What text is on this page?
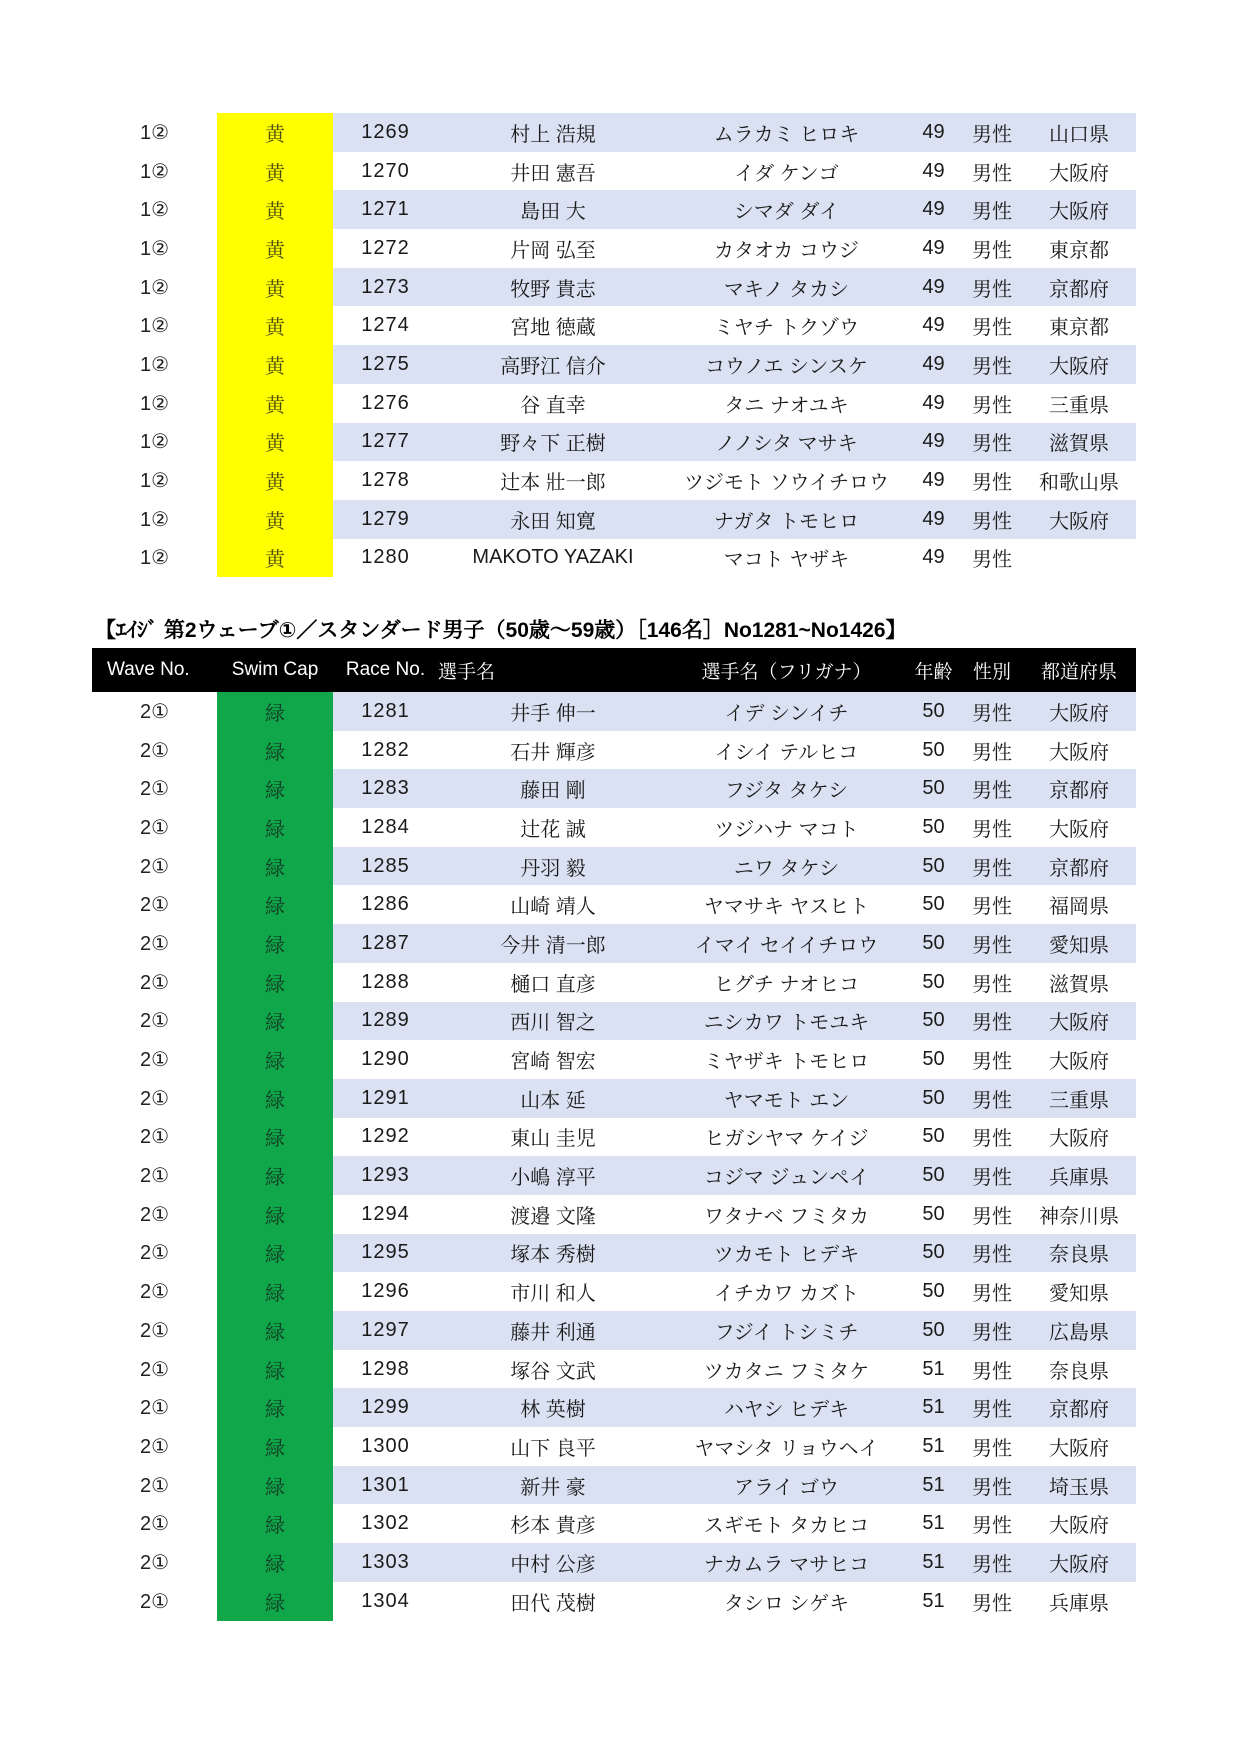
1②	黄	1269	村上 浩規	ムラカミ ヒロキ	49	男性	山口県
1②	黄	1270	井田 憲吾	イダ ケンゴ	49	男性	大阪府
1②	黄	1271	島田 大	シマダ ダイ	49	男性	大阪府
1②	黄	1272	片岡 弘至	カタオカ コウジ	49	男性	東京都
1②	黄	1273	牧野 貴志	マキノ タカシ	49	男性	京都府
1②	黄	1274	宮地 徳蔵	ミヤチ トクゾウ	49	男性	東京都
1②	黄	1275	高野江 信介	コウノエ シンスケ	49	男性	大阪府
1②	黄	1276	谷 直幸	タニ ナオユキ	49	男性	三重県
1②	黄	1277	野々下 正樹	ノノシタ マサキ	49	男性	滋賀県
1②	黄	1278	辻本 壯一郎	ツジモト ソウイチロウ	49	男性	和歌山県
1②	黄	1279	永田 知寛	ナガタ トモヒロ	49	男性	大阪府
1②	黄	1280	MAKOTO YAZAKI	マコト ヤザキ	49	男性
【ｴｲｼﾞ 第2ウェーブ①／スタンダード男子（50歳～59歳）［146名］No1281~No1426】
Wave No.	Swim Cap	Race No. 選手名	選手名（フリガナ）	年齢	性別	都道府県
2①	緑	1281	井手 伸一	イデ シンイチ	50	男性	大阪府
2①	緑	1282	石井 輝彦	イシイ テルヒコ	50	男性	大阪府
2①	緑	1283	藤田 剛	フジタ タケシ	50	男性	京都府
2①	緑	1284	辻花 誠	ツジハナ マコト	50	男性	大阪府
2①	緑	1285	丹羽 毅	ニワ タケシ	50	男性	京都府
2①	緑	1286	山崎 靖人	ヤマサキ ヤスヒト	50	男性	福岡県
2①	緑	1287	今井 清一郎	イマイ セイイチロウ	50	男性	愛知県
2①	緑	1288	樋口 直彦	ヒグチ ナオヒコ	50	男性	滋賀県
2①	緑	1289	西川 智之	ニシカワ トモユキ	50	男性	大阪府
2①	緑	1290	宮崎 智宏	ミヤザキ トモヒロ	50	男性	大阪府
2①	緑	1291	山本 延	ヤマモト エン	50	男性	三重県
2①	緑	1292	東山 圭児	ヒガシヤマ ケイジ	50	男性	大阪府
2①	緑	1293	小嶋 淳平	コジマ ジュンペイ	50	男性	兵庫県
2①	緑	1294	渡邉 文隆	ワタナベ フミタカ	50	男性	神奈川県
2①	緑	1295	塚本 秀樹	ツカモト ヒデキ	50	男性	奈良県
2①	緑	1296	市川 和人	イチカワ カズト	50	男性	愛知県
2①	緑	1297	藤井 利通	フジイ トシミチ	50	男性	広島県
2①	緑	1298	塚谷 文武	ツカタニ フミタケ	51	男性	奈良県
2①	緑	1299	林 英樹	ハヤシ ヒデキ	51	男性	京都府
2①	緑	1300	山下 良平	ヤマシタ リョウヘイ	51	男性	大阪府
2①	緑	1301	新井 豪	アライ ゴウ	51	男性	埼玉県
2①	緑	1302	杉本 貴彦	スギモト タカヒコ	51	男性	大阪府
2①	緑	1303	中村 公彦	ナカムラ マサヒコ	51	男性	大阪府
2①	緑	1304	田代 茂樹	タシロ シゲキ	51	男性	兵庫県
